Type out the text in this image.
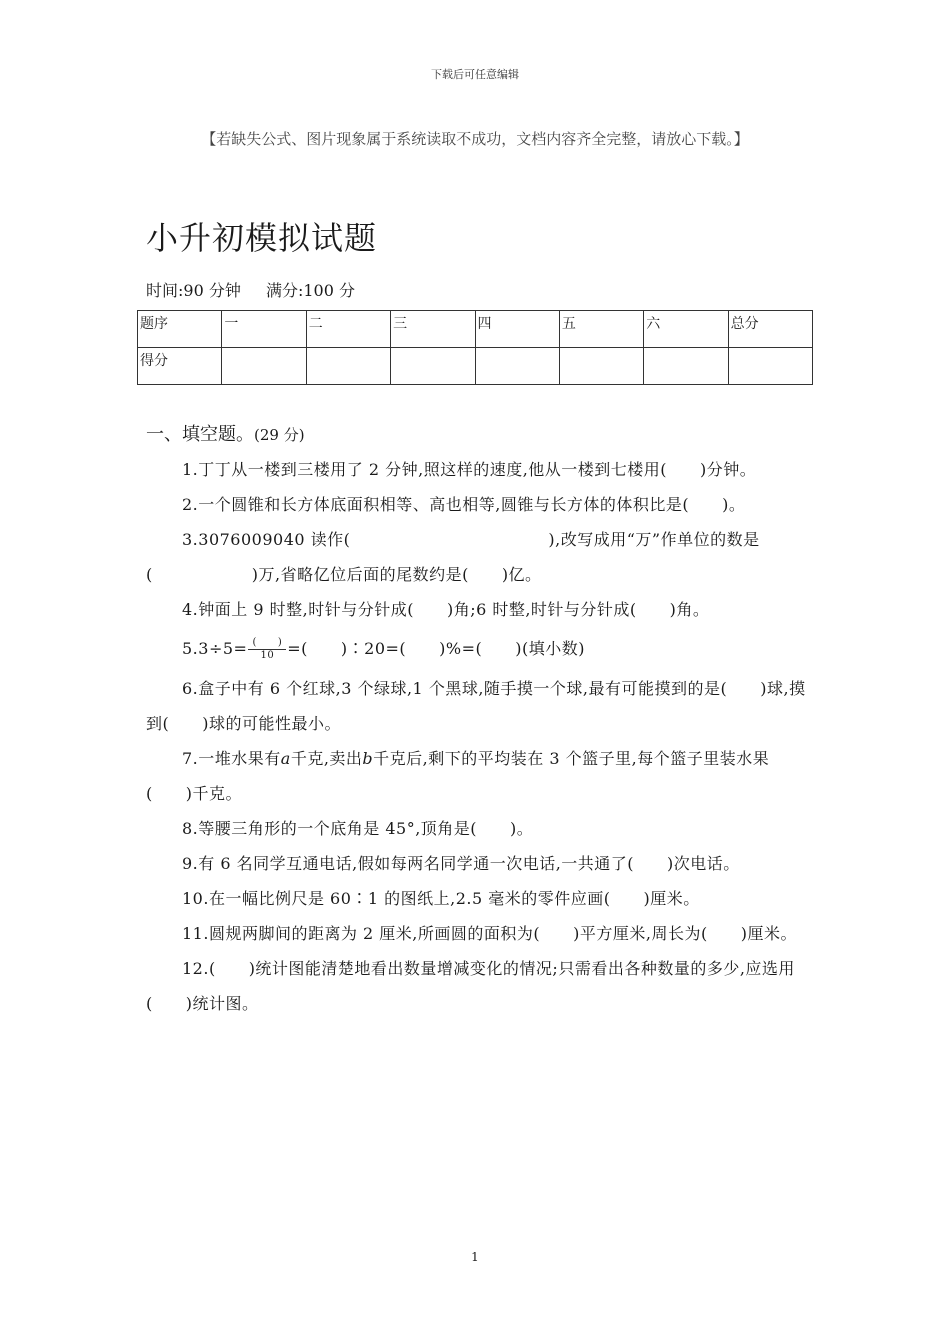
下载后可任意编辑
【若缺失公式、图片现象属于系统读取不成功，文档内容齐全完整，请放心下载。】
小升初模拟试题
时间:90 分钟 满分:100 分
题序	一	二	三	四	五	六	总分
得分							
一、填空题。(29 分)
1.丁丁从一楼到三楼用了 2 分钟,照这样的速度,他从一楼到七楼用(　　)分钟。
2.一个圆锥和长方体底面积相等、高也相等,圆锥与长方体的体积比是(　　)。
3.3076009040 读作(　　　　　　　　　　　　),改写成用“万”作单位的数是(　　　　　　)万,省略亿位后面的尾数约是(　　)亿。
4.钟面上 9 时整,时针与分针成(　　)角;6 时整,时针与分针成(　　)角。
$5.3\div 5= \frac{( )}{10}$ =(　　)∶20=(　　)%=(　　)(填小数)
6.盒子中有 6 个红球,3 个绿球,1 个黑球,随手摸一个球,最有可能摸到的是(　　)球,摸到(　　)球的可能性最小。
7.一堆水果有a千克,卖出b千克后,剩下的平均装在 3 个篮子里,每个篮子里装水果(　　)千克。
8.等腰三角形的一个底角是 45°,顶角是(　　)。
9.有 6 名同学互通电话,假如每两名同学通一次电话,一共通了(　　)次电话。
10.在一幅比例尺是 60∶1 的图纸上,2.5 毫米的零件应画(　　)厘米。
11.圆规两脚间的距离为 2 厘米,所画圆的面积为(　　)平方厘米,周长为(　　)厘米。
12.(　　)统计图能清楚地看出数量增减变化的情况;只需看出各种数量的多少,应选用(　　)统计图。
1
